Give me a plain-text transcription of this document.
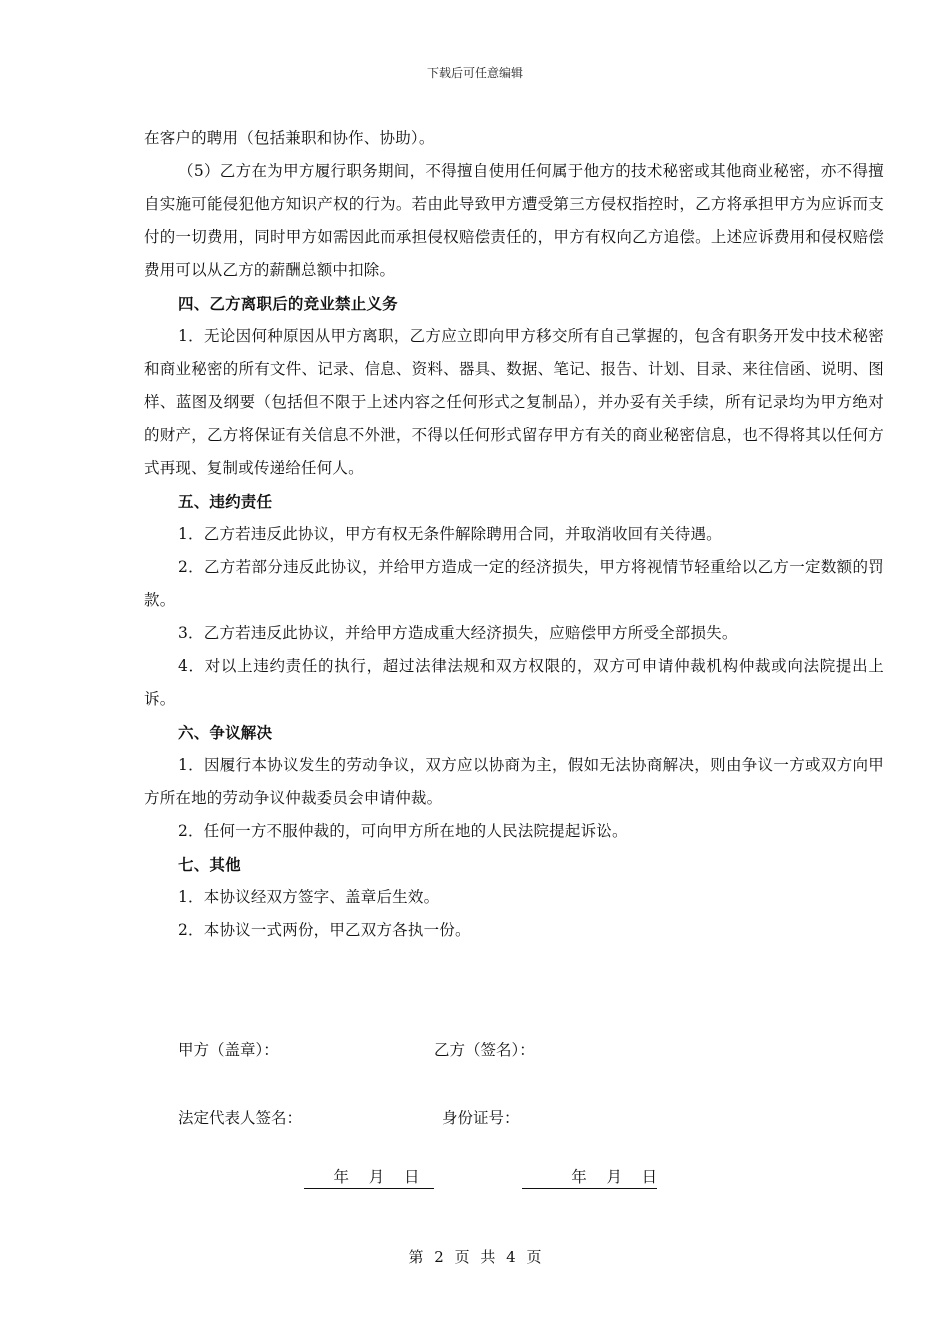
下载后可任意编辑

在客户的聘用（包括兼职和协作、协助）。

（5）乙方在为甲方履行职务期间，不得擅自使用任何属于他方的技术秘密或其他商业秘密，亦不得擅自实施可能侵犯他方知识产权的行为。若由此导致甲方遭受第三方侵权指控时，乙方将承担甲方为应诉而支付的一切费用，同时甲方如需因此而承担侵权赔偿责任的，甲方有权向乙方追偿。上述应诉费用和侵权赔偿费用可以从乙方的薪酬总额中扣除。

四、乙方离职后的竞业禁止义务

1．无论因何种原因从甲方离职，乙方应立即向甲方移交所有自己掌握的，包含有职务开发中技术秘密和商业秘密的所有文件、记录、信息、资料、器具、数据、笔记、报告、计划、目录、来往信函、说明、图样、蓝图及纲要（包括但不限于上述内容之任何形式之复制品），并办妥有关手续，所有记录均为甲方绝对的财产，乙方将保证有关信息不外泄，不得以任何形式留存甲方有关的商业秘密信息，也不得将其以任何方式再现、复制或传递给任何人。

五、违约责任

1．乙方若违反此协议，甲方有权无条件解除聘用合同，并取消收回有关待遇。

2．乙方若部分违反此协议，并给甲方造成一定的经济损失，甲方将视情节轻重给以乙方一定数额的罚款。

3．乙方若违反此协议，并给甲方造成重大经济损失，应赔偿甲方所受全部损失。

4．对以上违约责任的执行，超过法律法规和双方权限的，双方可申请仲裁机构仲裁或向法院提出上诉。

六、争议解决

1．因履行本协议发生的劳动争议，双方应以协商为主，假如无法协商解决，则由争议一方或双方向甲方所在地的劳动争议仲裁委员会申请仲裁。

2．任何一方不服仲裁的，可向甲方所在地的人民法院提起诉讼。

七、其他

1．本协议经双方签字、盖章后生效。

2．本协议一式两份，甲乙双方各执一份。

甲方（盖章）：	乙方（签名）：
法定代表人签名：	身份证号：
年    月    日	年    月    日
第 2 页 共 4 页
